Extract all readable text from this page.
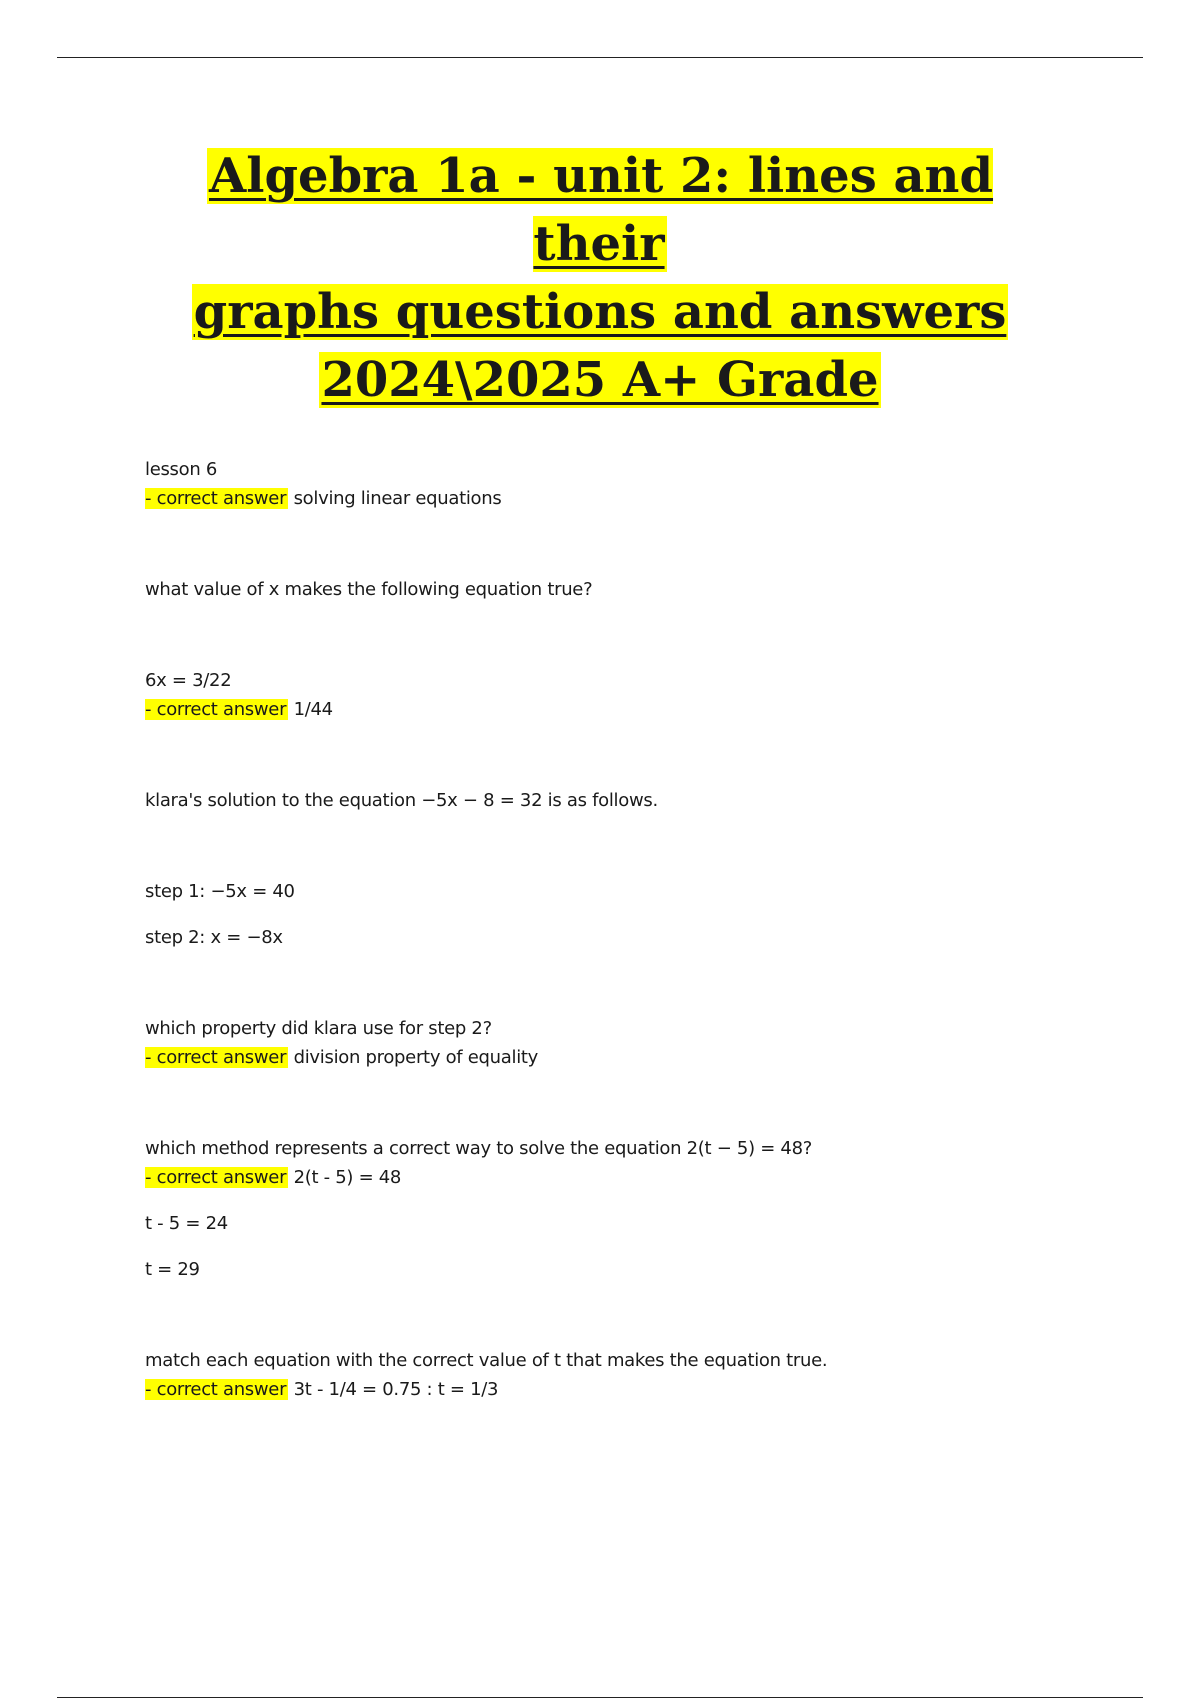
Algebra 1a - unit 2: lines and their
graphs questions and answers
2024\2025 A+ Grade
lesson 6
- correct answer solving linear equations
what value of x makes the following equation true?
6x = 3/22
- correct answer 1/44
klara's solution to the equation −5x − 8 = 32 is as follows.
step 1: −5x = 40
step 2: x = −8x
which property did klara use for step 2?
- correct answer division property of equality
which method represents a correct way to solve the equation 2(t − 5) = 48?
- correct answer 2(t - 5) = 48
t - 5 = 24
t = 29
match each equation with the correct value of t that makes the equation true.
- correct answer 3t - 1/4 = 0.75 : t = 1/3
